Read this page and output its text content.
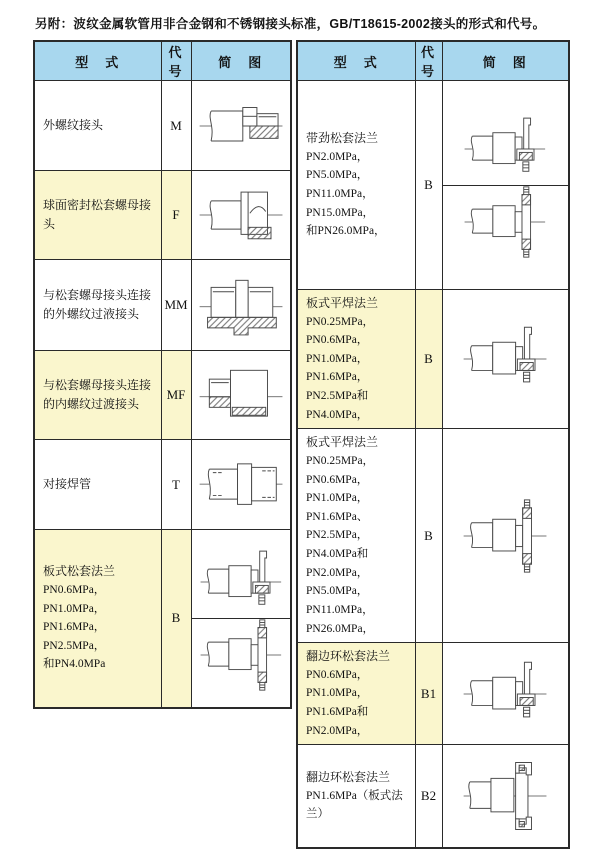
另附：波纹金属软管用非合金钢和不锈钢接头标准，GB/T18615-2002接头的形式和代号。
型　式	代号	简　图

外螺纹接头	M	

球面密封松套螺母接头	F	

与松套螺母接头连接的外螺纹过液接头	MM	

与松套螺母接头连接的内螺纹过渡接头	MF	

对接焊管	T	

板式松套法兰
PN0.6MPa，PN1.0MPa，
PN1.6MPa，PN2.5MPa，
和PN4.0MPa	B	
型　式	代号	简　图

带劲松套法兰
PN2.0MPa， PN5.0MPa，
PN11.0MPa， PN15.0MPa，
和PN26.0MPa，	B	

板式平焊法兰
PN0.25MPa， PN0.6MPa，
PN1.0MPa， PN1.6MPa，
PN2.5MPa和PN4.0MPa，	B	

板式平焊法兰
PN0.25MPa， PN0.6MPa，
PN1.0MPa， PN1.6MPa、
PN2.5MPa， PN4.0MPa和
PN2.0MPa， PN5.0MPa，
PN11.0MPa， PN26.0MPa，
	B	

翻边环松套法兰
PN0.6MPa， PN1.0MPa，
PN1.6MPa和PN2.0MPa，	B1	

翻边环松套法兰
PN1.6MPa（板式法兰）	B2	
